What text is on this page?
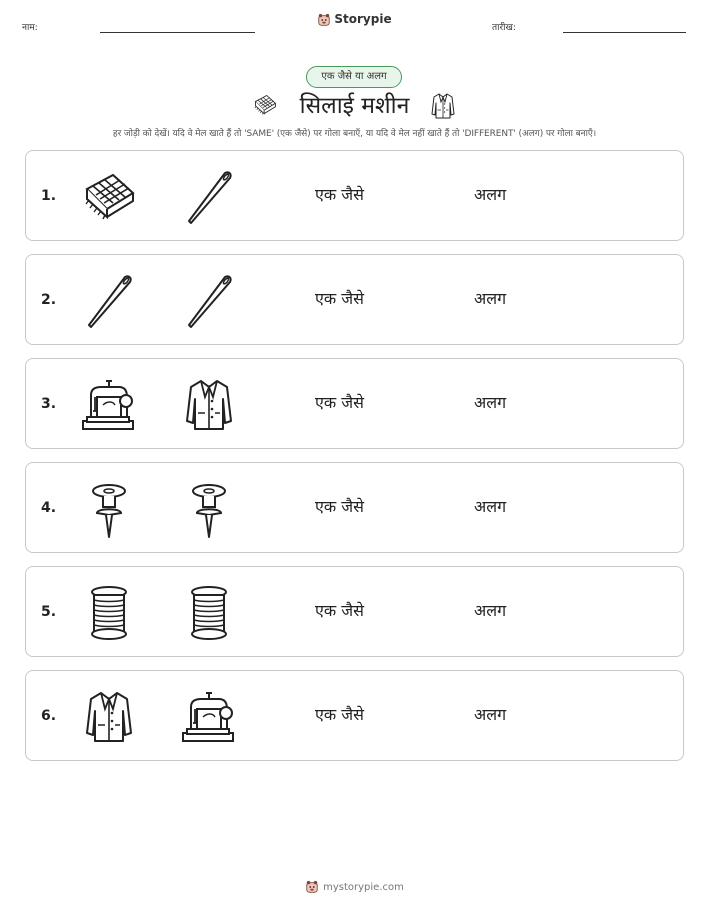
नाम:
Storypie
तारीख:
एक जैसे या अलग
सिलाई मशीन
हर जोड़ी को देखें। यदि वे मेल खाते हैं तो 'SAME' (एक जैसे) पर गोला बनाएँ, या यदि वे मेल नहीं खाते हैं तो 'DIFFERENT' (अलग) पर गोला बनाएँ।
1.	एक जैसे	अलग
2.	एक जैसे	अलग
3.	एक जैसे	अलग
4.	एक जैसे	अलग
5.	एक जैसे	अलग
6.	एक जैसे	अलग
mystorypie.com
